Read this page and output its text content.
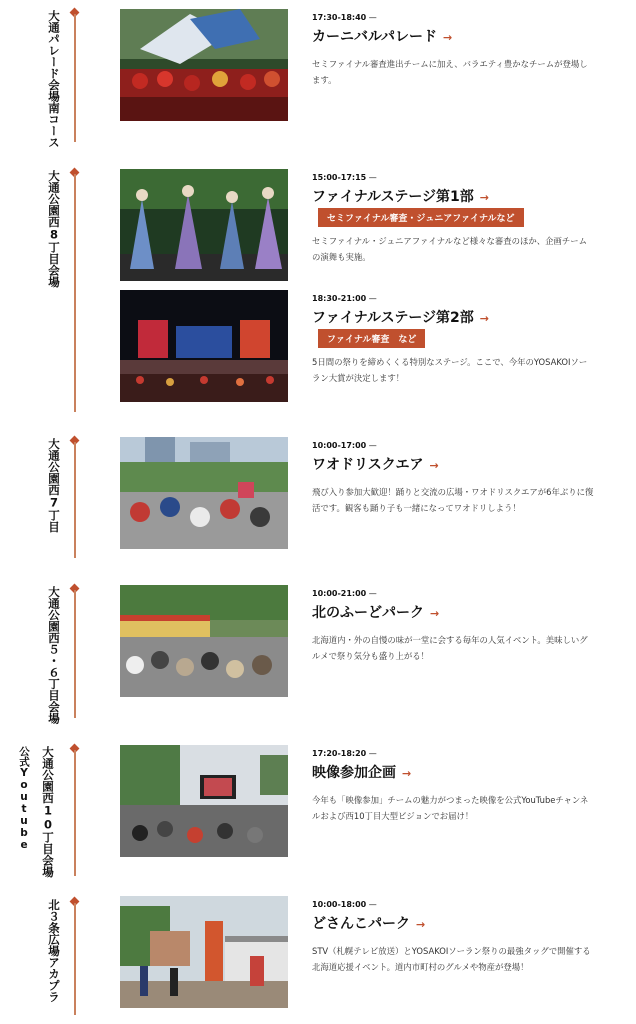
大通パレード会場南コース	17:30-18:40 —
カーニバルパレード →
セミファイナル審査進出チームに加え、バラエティ豊かなチームが登場します。
大通公園西8丁目会場	15:00-17:15 —
ファイナルステージ第1部 →
セミファイナル審査・ジュニアファイナルなど
セミファイナル・ジュニアファイナルなど様々な審査のほか、企画チームの演舞も実施。
18:30-21:00 —
ファイナルステージ第2部 →
ファイナル審査　など
5日間の祭りを締めくくる特別なステージ。ここで、今年のYOSAKOIソーラン大賞が決定します！
大通公園西7丁目	10:00-17:00 —
ワオドリスクエア →
飛び入り参加大歓迎！踊りと交流の広場・ワオドリスクエアが6年ぶりに復活です。観客も踊り子も一緒になってワオドリしよう！
大通公園西５・６丁目会場	10:00-21:00 —
北のふーどパーク →
北海道内・外の自慢の味が一堂に会する毎年の人気イベント。美味しいグルメで祭り気分も盛り上がる！
公式Youtube 大通公園西10丁目会場	17:20-18:20 —
映像参加企画 →
今年も「映像参加」チームの魅力がつまった映像を公式YouTubeチャンネルおよび西10丁目大型ビジョンでお届け！
北３条広場アカプラ	10:00-18:00 —
どさんこパーク →
STV（札幌テレビ放送）とYOSAKOIソーラン祭りの最強タッグで開催する北海道応援イベント。道内市町村のグルメや物産が登場！
